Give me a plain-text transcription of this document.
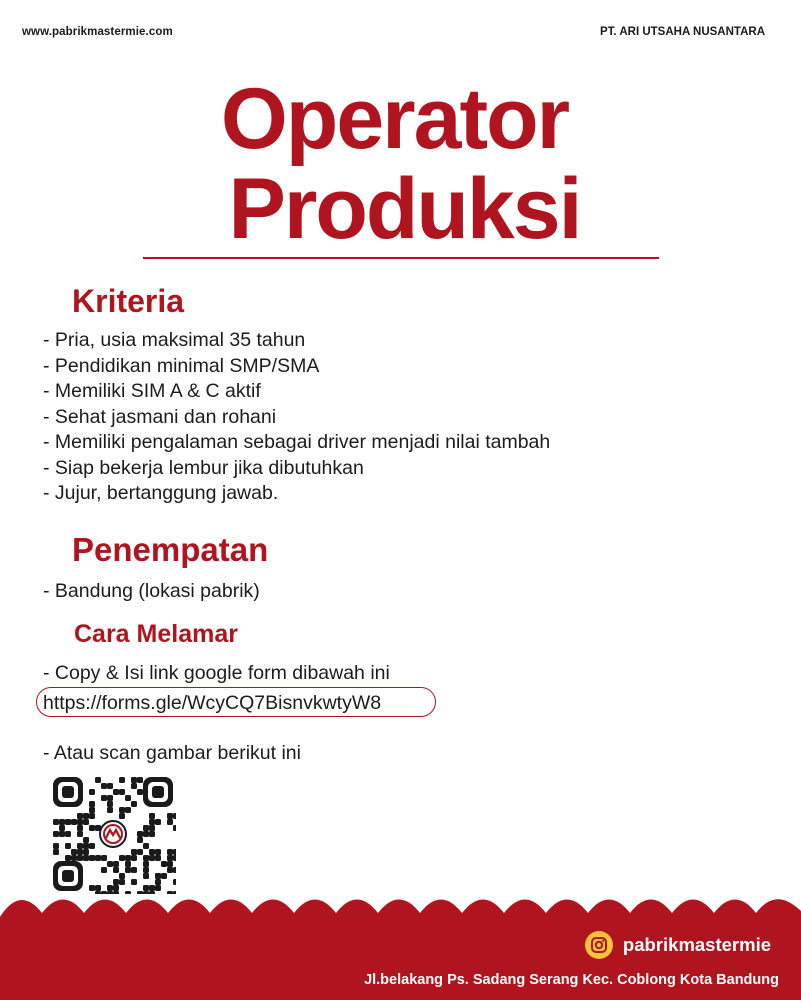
www.pabrikmastermie.com	PT. ARI UTSAHA NUSANTARA
Operator
Produksi
Kriteria
- Pria, usia maksimal 35 tahun
- Pendidikan minimal SMP/SMA
- Memiliki SIM A & C aktif
- Sehat jasmani dan rohani
- Memiliki pengalaman sebagai driver menjadi nilai tambah
- Siap bekerja lembur jika dibutuhkan
- Jujur, bertanggung jawab.
Penempatan
- Bandung (lokasi pabrik)
Cara Melamar
- Copy & Isi link google form dibawah ini
https://forms.gle/WcyCQ7BisnvkwtyW8
- Atau scan gambar berikut ini
pabrikmastermie
Jl.belakang Ps. Sadang Serang Kec. Coblong Kota Bandung
